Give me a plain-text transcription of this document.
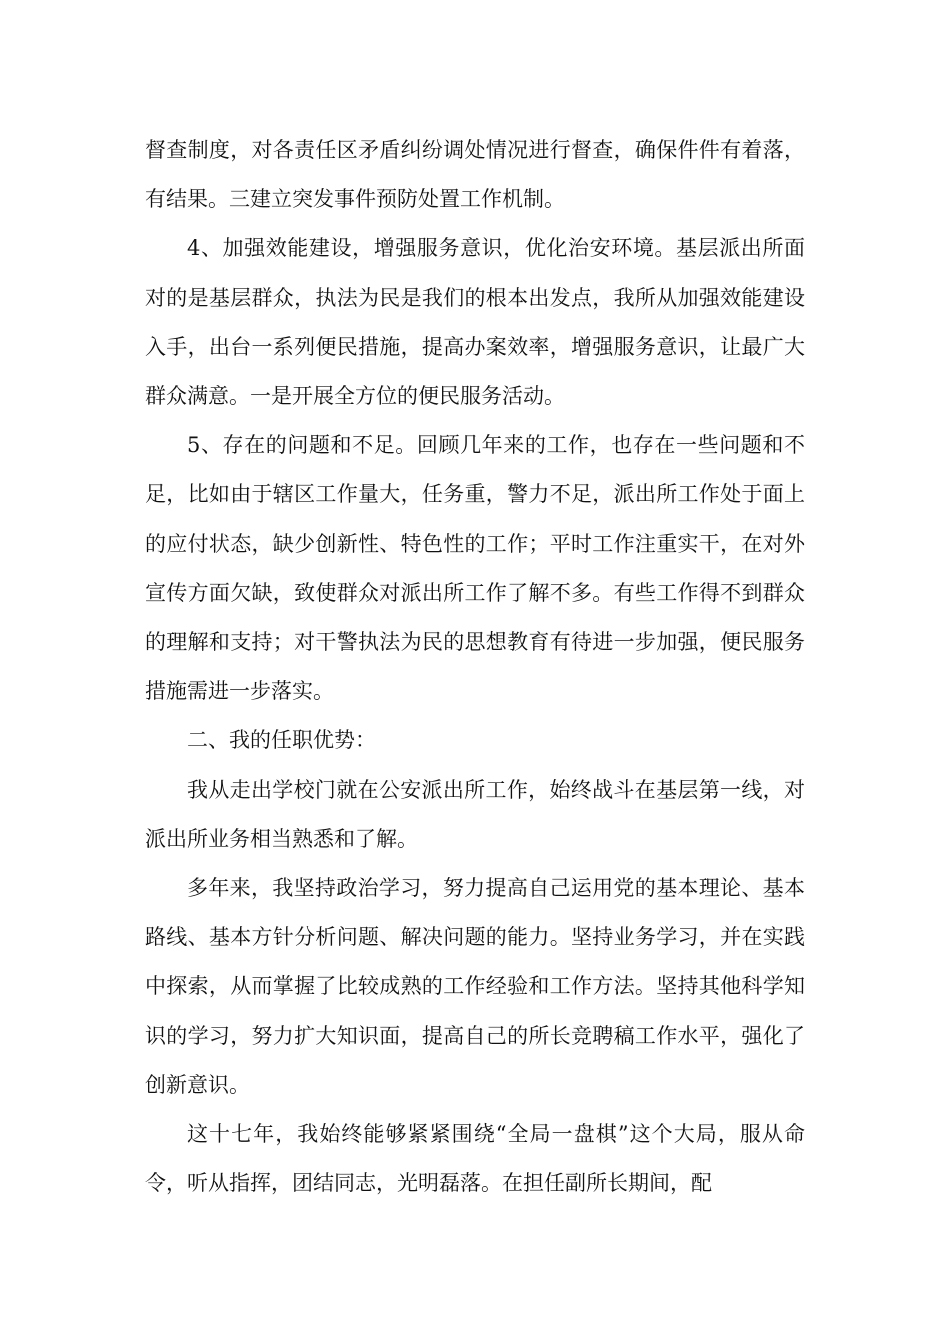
督查制度，对各责任区矛盾纠纷调处情况进行督查，确保件件有着落，有结果。三建立突发事件预防处置工作机制。

4、加强效能建设，增强服务意识，优化治安环境。基层派出所面对的是基层群众，执法为民是我们的根本出发点，我所从加强效能建设入手，出台一系列便民措施，提高办案效率，增强服务意识，让最广大群众满意。一是开展全方位的便民服务活动。

5、存在的问题和不足。回顾几年来的工作，也存在一些问题和不足，比如由于辖区工作量大，任务重，警力不足，派出所工作处于面上的应付状态，缺少创新性、特色性的工作；平时工作注重实干，在对外宣传方面欠缺，致使群众对派出所工作了解不多。有些工作得不到群众的理解和支持；对干警执法为民的思想教育有待进一步加强，便民服务措施需进一步落实。

二、我的任职优势：

我从走出学校门就在公安派出所工作，始终战斗在基层第一线，对派出所业务相当熟悉和了解。

多年来，我坚持政治学习，努力提高自己运用党的基本理论、基本路线、基本方针分析问题、解决问题的能力。坚持业务学习，并在实践中探索，从而掌握了比较成熟的工作经验和工作方法。坚持其他科学知识的学习，努力扩大知识面，提高自己的所长竞聘稿工作水平，强化了创新意识。

这十七年，我始终能够紧紧围绕“全局一盘棋”这个大局，服从命令，听从指挥，团结同志，光明磊落。在担任副所长期间，配
